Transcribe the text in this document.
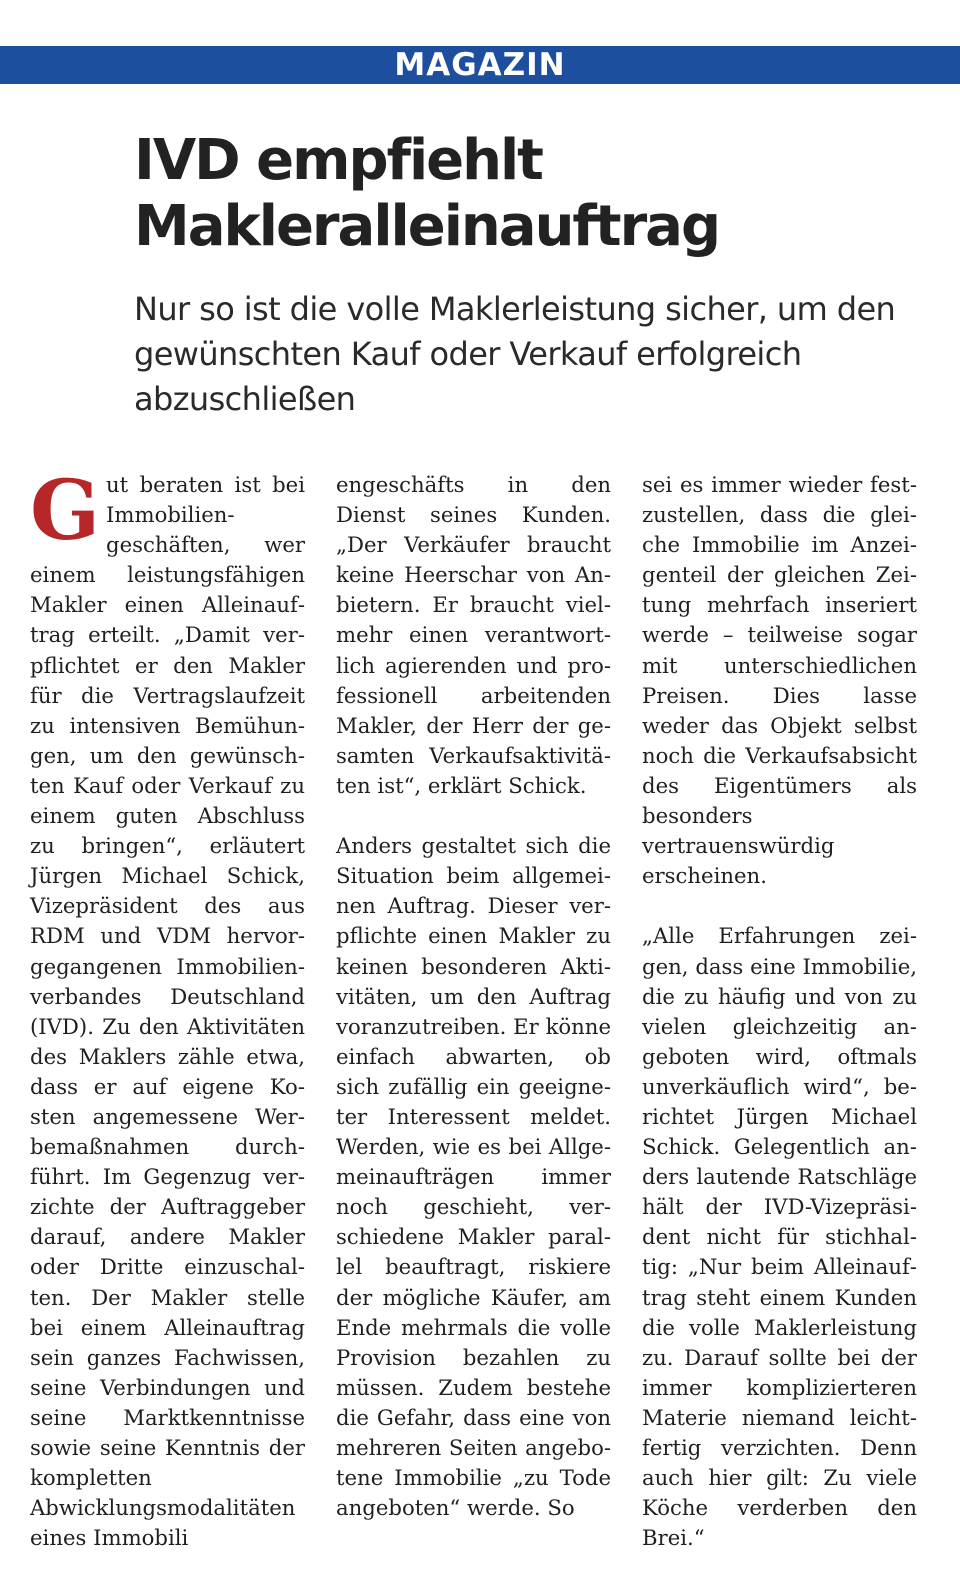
MAGAZIN
IVD empfiehlt Makleralleinauftrag

Nur so ist die volle Maklerleistung sicher, um den gewünschten Kauf oder Verkauf erfolgreich abzuschließen

Gut beraten ist bei Immobiliengeschäften, wer einem leistungsfähigen Makler einen Alleinauftrag erteilt. „Damit verpflichtet er den Makler für die Vertragslaufzeit zu intensiven Bemühungen, um den gewünschten Kauf oder Verkauf zu einem guten Abschluss zu bringen“, erläutert Jürgen Michael Schick, Vizepräsident des aus RDM und VDM hervorgegangenen Immobilienverbandes Deutschland (IVD). Zu den Aktivitäten des Maklers zähle etwa, dass er auf eigene Kosten angemessene Werbemaßnahmen durchführt. Im Gegenzug verzichte der Auftraggeber darauf, andere Makler oder Dritte einzuschalten. Der Makler stelle bei einem Alleinauftrag sein ganzes Fachwissen, seine Verbindungen und seine Marktkenntnisse sowie seine Kenntnis der kompletten Abwicklungsmodalitäten eines Immobili

engeschäfts in den Dienst seines Kunden. „Der Verkäufer braucht keine Heerschar von Anbietern. Er braucht vielmehr einen verantwortlich agierenden und professionell arbeitenden Makler, der Herr der gesamten Verkaufsaktivitäten ist“, erklärt Schick.

Anders gestaltet sich die Situation beim allgemeinen Auftrag. Dieser verpflichte einen Makler zu keinen besonderen Aktivitäten, um den Auftrag voranzutreiben. Er könne einfach abwarten, ob sich zufällig ein geeigneter Interessent meldet. Werden, wie es bei Allgemeinaufträgen immer noch geschieht, verschiedene Makler parallel beauftragt, riskiere der mögliche Käufer, am Ende mehrmals die volle Provision bezahlen zu müssen. Zudem bestehe die Gefahr, dass eine von mehreren Seiten angebotene Immobilie „zu Tode angeboten“ werde. So

sei es immer wieder festzustellen, dass die gleiche Immobilie im Anzeigenteil der gleichen Zeitung mehrfach inseriert werde – teilweise sogar mit unterschiedlichen Preisen. Dies lasse weder das Objekt selbst noch die Verkaufsabsicht des Eigentümers als besonders vertrauenswürdig erscheinen.

„Alle Erfahrungen zeigen, dass eine Immobilie, die zu häufig und von zu vielen gleichzeitig angeboten wird, oftmals unverkäuflich wird“, berichtet Jürgen Michael Schick. Gelegentlich anders lautende Ratschläge hält der IVD-Vizepräsident nicht für stichhaltig: „Nur beim Alleinauftrag steht einem Kunden die volle Maklerleistung zu. Darauf sollte bei der immer komplizierteren Materie niemand leichtfertig verzichten. Denn auch hier gilt: Zu viele Köche verderben den Brei.“
